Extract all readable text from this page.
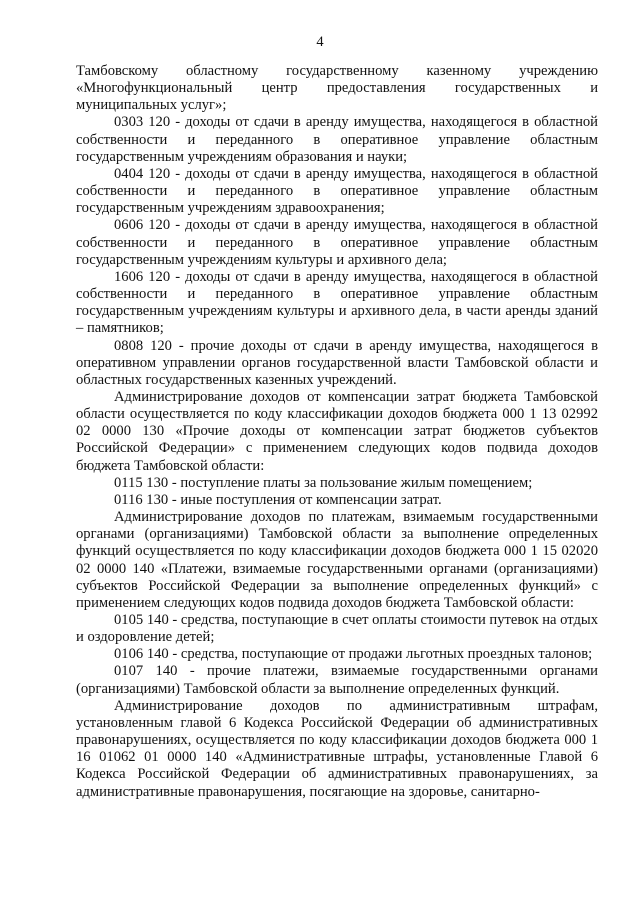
4

Тамбовскому областному государственному казенному учреждению «Многофункциональный центр предоставления государственных и муниципальных услуг»;

0303 120 - доходы от сдачи в аренду имущества, находящегося в областной собственности и переданного в оперативное управление областным государственным учреждениям образования и науки;

0404 120 - доходы от сдачи в аренду имущества, находящегося в областной собственности и переданного в оперативное управление областным государственным учреждениям здравоохранения;

0606 120 - доходы от сдачи в аренду имущества, находящегося в областной собственности и переданного в оперативное управление областным государственным учреждениям культуры и архивного дела;

1606 120 - доходы от сдачи в аренду имущества, находящегося в областной собственности и переданного в оперативное управление областным государственным учреждениям культуры и архивного дела, в части аренды зданий – памятников;

0808 120 - прочие доходы от сдачи в аренду имущества, находящегося в оперативном управлении органов государственной власти Тамбовской области и областных государственных казенных учреждений.

Администрирование доходов от компенсации затрат бюджета Тамбовской области осуществляется по коду классификации доходов бюджета 000 1 13 02992 02 0000 130 «Прочие доходы от компенсации затрат бюджетов субъектов Российской Федерации» с применением следующих кодов подвида доходов бюджета Тамбовской области:

0115 130 - поступление платы за пользование жилым помещением;

0116 130 - иные поступления от компенсации затрат.

Администрирование доходов по платежам, взимаемым государственными органами (организациями) Тамбовской области за выполнение определенных функций осуществляется по коду классификации доходов бюджета 000 1 15 02020 02 0000 140 «Платежи, взимаемые государственными органами (организациями) субъектов Российской Федерации за выполнение определенных функций» с применением следующих кодов подвида доходов бюджета Тамбовской области:

0105 140 - средства, поступающие в счет оплаты стоимости путевок на отдых и оздоровление детей;

0106 140 - средства, поступающие от продажи льготных проездных талонов;

0107 140 - прочие платежи, взимаемые государственными органами (организациями) Тамбовской области за выполнение определенных функций.

Администрирование доходов по административным штрафам, установленным главой 6 Кодекса Российской Федерации об административных правонарушениях, осуществляется по коду классификации доходов бюджета 000 1 16 01062 01 0000 140 «Административные штрафы, установленные Главой 6 Кодекса Российской Федерации об административных правонарушениях, за административные правонарушения, посягающие на здоровье, санитарно-
